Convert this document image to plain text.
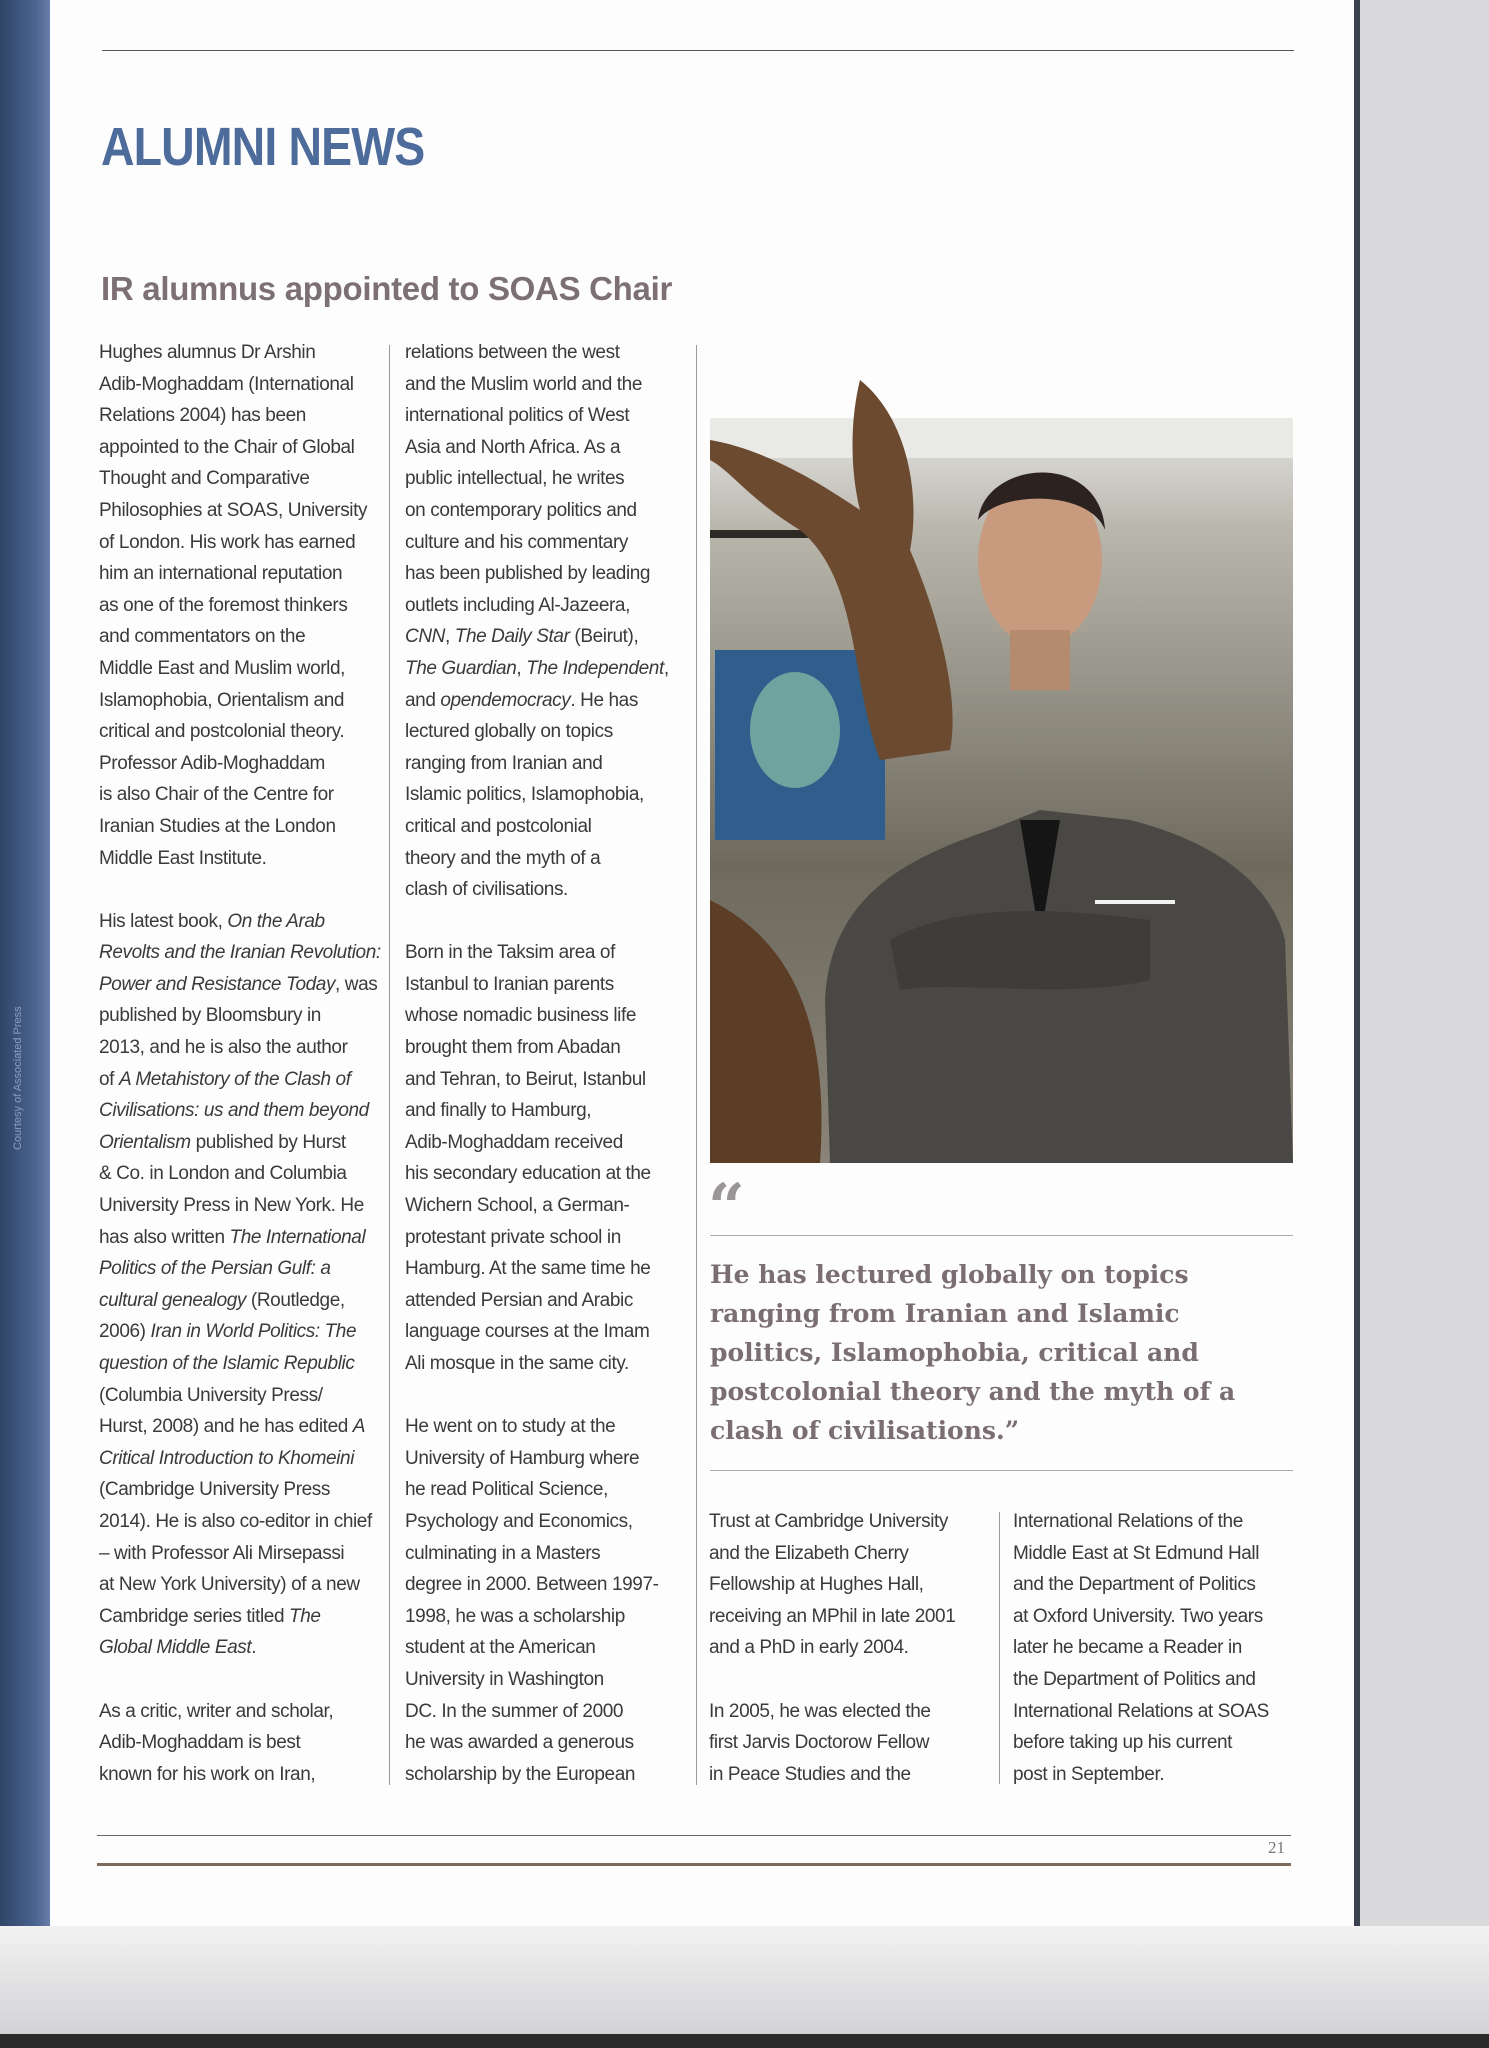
Courtesy of Associated Press
ALUMNI NEWS
IR alumnus appointed to SOAS Chair
Hughes alumnus Dr Arshin
Adib-Moghaddam (International
Relations 2004) has been
appointed to the Chair of Global
Thought and Comparative
Philosophies at SOAS, University
of London. His work has earned
him an international reputation
as one of the foremost thinkers
and commentators on the
Middle East and Muslim world,
Islamophobia, Orientalism and
critical and postcolonial theory.
Professor Adib-Moghaddam
is also Chair of the Centre for
Iranian Studies at the London
Middle East Institute.
His latest book, On the Arab
Revolts and the Iranian Revolution:
Power and Resistance Today, was
published by Bloomsbury in
2013, and he is also the author
of A Metahistory of the Clash of
Civilisations: us and them beyond
Orientalism published by Hurst
& Co. in London and Columbia
University Press in New York. He
has also written The International
Politics of the Persian Gulf: a
cultural genealogy (Routledge,
2006) Iran in World Politics: The
question of the Islamic Republic
(Columbia University Press/
Hurst, 2008) and he has edited A
Critical Introduction to Khomeini
(Cambridge University Press
2014). He is also co-editor in chief
– with Professor Ali Mirsepassi
at New York University) of a new
Cambridge series titled The
Global Middle East.
As a critic, writer and scholar,
Adib-Moghaddam is best
known for his work on Iran,
relations between the west
and the Muslim world and the
international politics of West
Asia and North Africa. As a
public intellectual, he writes
on contemporary politics and
culture and his commentary
has been published by leading
outlets including Al-Jazeera,
CNN, The Daily Star (Beirut),
The Guardian, The Independent,
and opendemocracy. He has
lectured globally on topics
ranging from Iranian and
Islamic politics, Islamophobia,
critical and postcolonial
theory and the myth of a
clash of civilisations.
Born in the Taksim area of
Istanbul to Iranian parents
whose nomadic business life
brought them from Abadan
and Tehran, to Beirut, Istanbul
and finally to Hamburg,
Adib-Moghaddam received
his secondary education at the
Wichern School, a German-
protestant private school in
Hamburg. At the same time he
attended Persian and Arabic
language courses at the Imam
Ali mosque in the same city.
He went on to study at the
University of Hamburg where
he read Political Science,
Psychology and Economics,
culminating in a Masters
degree in 2000. Between 1997-
1998, he was a scholarship
student at the American
University in Washington
DC. In the summer of 2000
he was awarded a generous
scholarship by the European
“
He has lectured globally on topics ranging from Iranian and Islamic politics, Islamophobia, critical and postcolonial theory and the myth of a clash of civilisations.”
Trust at Cambridge University
and the Elizabeth Cherry
Fellowship at Hughes Hall,
receiving an MPhil in late 2001
and a PhD in early 2004.
In 2005, he was elected the
first Jarvis Doctorow Fellow
in Peace Studies and the
International Relations of the
Middle East at St Edmund Hall
and the Department of Politics
at Oxford University. Two years
later he became a Reader in
the Department of Politics and
International Relations at SOAS
before taking up his current
post in September.
21
